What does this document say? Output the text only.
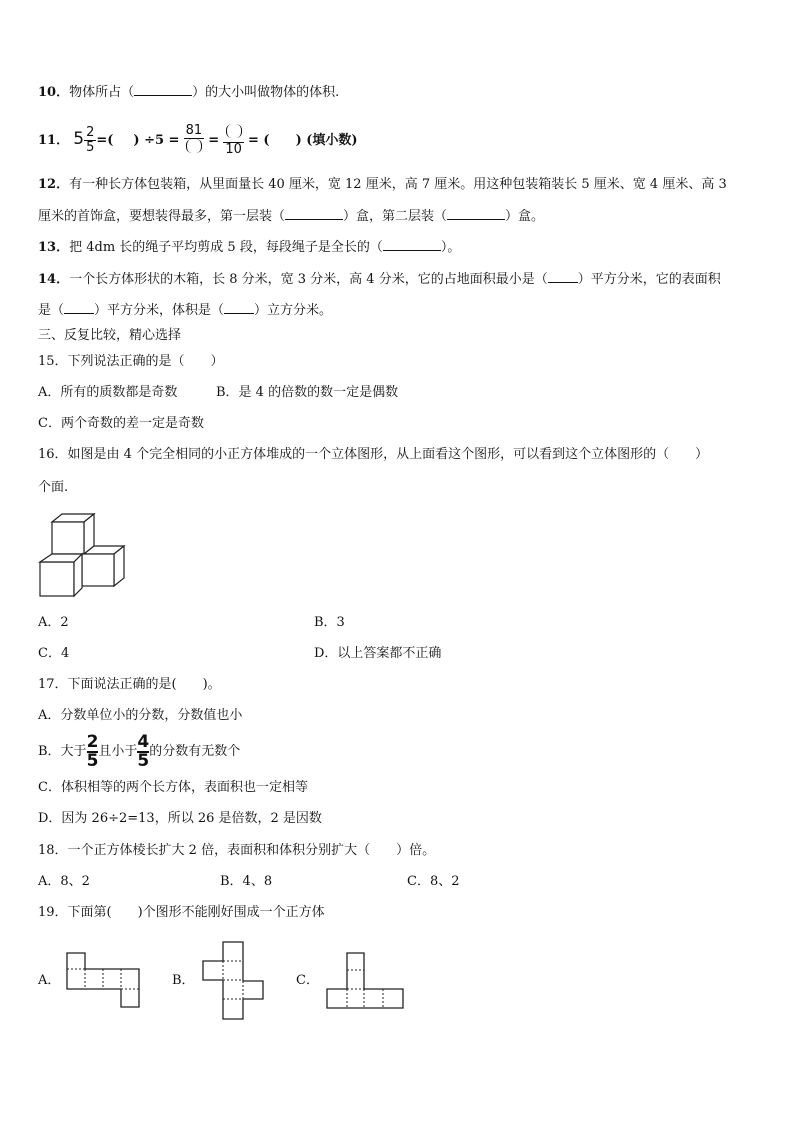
10．物体所占（	）的大小叫做物体的体积.
11． $5 \frac{2}{5}$ =( ) ÷5 =
81
=
10
= ( ) (填小数)
12．有一种长方体包装箱，从里面量长 40 厘米，宽 12 厘米，高 7 厘米。用这种包装箱装长 5 厘米、宽 4 厘米、高 3
厘米的首饰盒，要想装得最多，第一层装（	）盒，第二层装（	）盒。
13．把 4dm 长的绳子平均剪成 5 段，每段绳子是全长的（	）。
14．一个长方体形状的木箱，长 8 分米，宽 3 分米，高 4 分米，它的占地面积最小是（ ）平方分米，它的表面积
是（ ）平方分米，体积是（ ）立方分米。
三、反复比较，精心选择
15．下列说法正确的是（　　）
A．所有的质数都是奇数	B．是 4 的倍数的数一定是偶数
C．两个奇数的差一定是奇数
16．如图是由 4 个完全相同的小正方体堆成的一个立体图形，从上面看这个图形，可以看到这个立体图形的（　　）
个面.
A．2	B．3
C．4	D．以上答案都不正确
17．下面说法正确的是(　　)。
A．分数单位小的分数，分数值也小
B．大于 $\frac{2}{5}$且小于 $\frac{4}{5}$的分数有无数个
C．体积相等的两个长方体，表面积也一定相等
D．因为 26÷2=13，所以 26 是倍数，2 是因数
18．一个正方体棱长扩大 2 倍，表面积和体积分别扩大（　　）倍。
A．8、2	B．4、8	C．8、2
19．下面第(　　)个图形不能刚好围成一个正方体
A．	B．	C．
